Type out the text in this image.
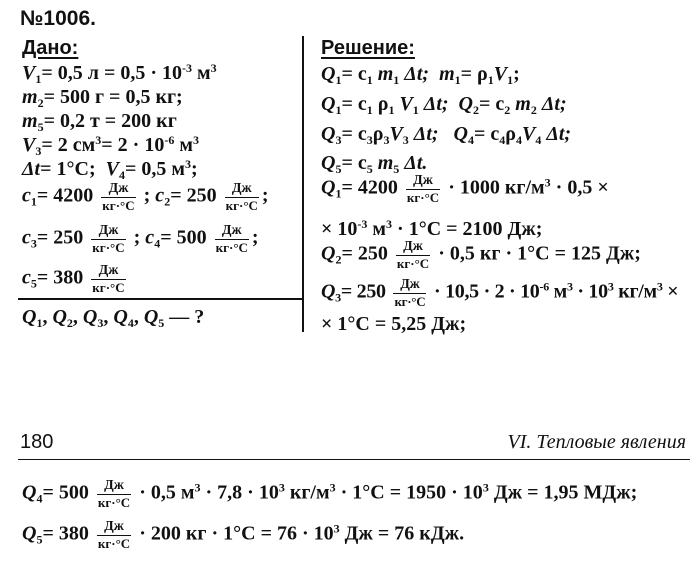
№1006.
Дано:
$V_1= 0,5$ $л = 0,5 \cdot 10^{-3}$ $м^3$
$m_2= 500$ г = 0,5 кг;
$m_5= 0,2$ т = 200 кг
$V_3= 2$ $см^3= 2 \cdot 10^{-6}$ $м^3$
Δt= 1°C; $V_4= 0,5$ $м^3$;
$c_1= 4200$ Дж
кг·°С ; $c_2= 250$ Дж
кг·°С ;
$c_3= 250$ Дж
кг·°С ; $c_4= 500$ Дж
кг·°С ;
$c_5= 380$ Дж
кг·°С
$Q_1$, $Q_2$, $Q_3$, $Q_4$, $Q_5$ — ?
Решение:
$Q_1= c_1$ $m_1$ Δt; $m_1= \rho_1V_1$;
$Q_1= c_1$ $\rho_1$ $V_1$ Δt; $Q_2= c_2$ $m_2$ Δt;
$Q_3= c_3\rho_3V_3$ Δt; $Q_4= c_4\rho_4V_4$ Δt;
$Q_5= c_5$ $m_5$ Δt.
$Q_1= 4200$ Дж
кг·°С · 1000 $кг/м^3 \cdot 0,5$ ×
× $10^{-3}$ $м^3 \cdot 1^\circ С = 2100$ Дж;
$Q_2= 250$ Дж
кг·°С · 0,5 кг · 1°С = 125 Дж;
$Q_3= 250$ Дж
$кг\cdot^\circ С \cdot 10,5 \cdot 2 \cdot 10^{-6}$ $м^3 \cdot 10^3$ $кг/м^3$ ×
× 1°С = 5,25 Дж;
180	VI. Тепловые явления
$Q_4= 500$ Дж
кг·°С · 0,5 $м^3 \cdot 7,8 \cdot 10^3$ $кг/м^3 \cdot 1^\circ С = 1950 \cdot 10^3$ Дж = 1,95 МДж;
$Q_5= 380$ Дж
кг·°С · 200 кг · $1^\circ С = 76 \cdot 10^3$ Дж = 76 кДж.
